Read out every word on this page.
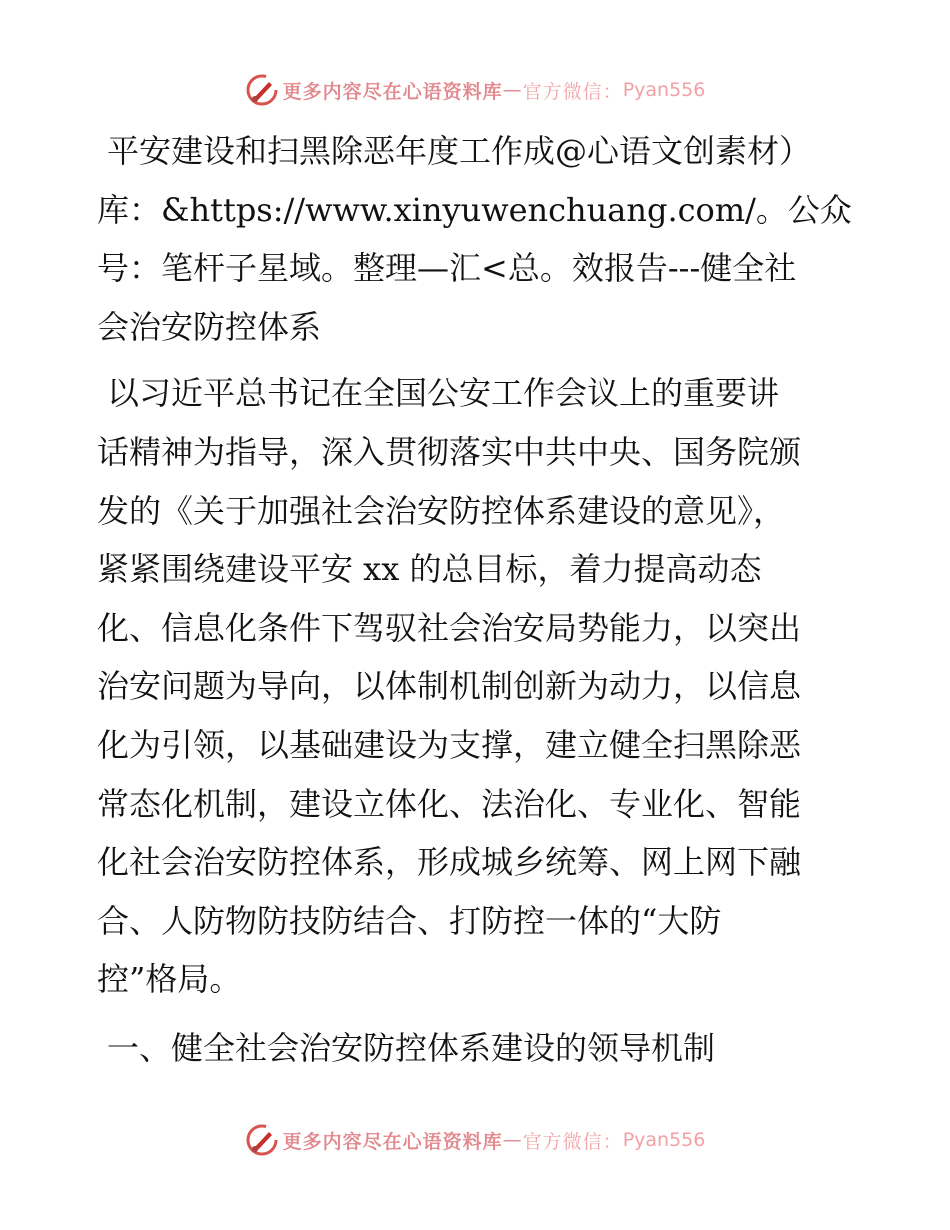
更多内容尽在心语资料库 — 官方微信： Pyan556

平安建设和扫黑除恶年度工作成@心语文创素材）

库：&https://www.xinyuwenchuang.com/。公众

号：笔杆子星域。整理—汇<总。效报告---健全社

会治安防控体系

以习近平总书记在全国公安工作会议上的重要讲

话精神为指导，深入贯彻落实中共中央、国务院颁

发的《关于加强社会治安防控体系建设的意见》，

紧紧围绕建设平安 xx 的总目标，着力提高动态

化、信息化条件下驾驭社会治安局势能力，以突出

治安问题为导向，以体制机制创新为动力，以信息

化为引领，以基础建设为支撑，建立健全扫黑除恶

常态化机制，建设立体化、法治化、专业化、智能

化社会治安防控体系，形成城乡统筹、网上网下融

合、人防物防技防结合、打防控一体的“大防

控”格局。

一、健全社会治安防控体系建设的领导机制

更多内容尽在心语资料库 — 官方微信： Pyan556
